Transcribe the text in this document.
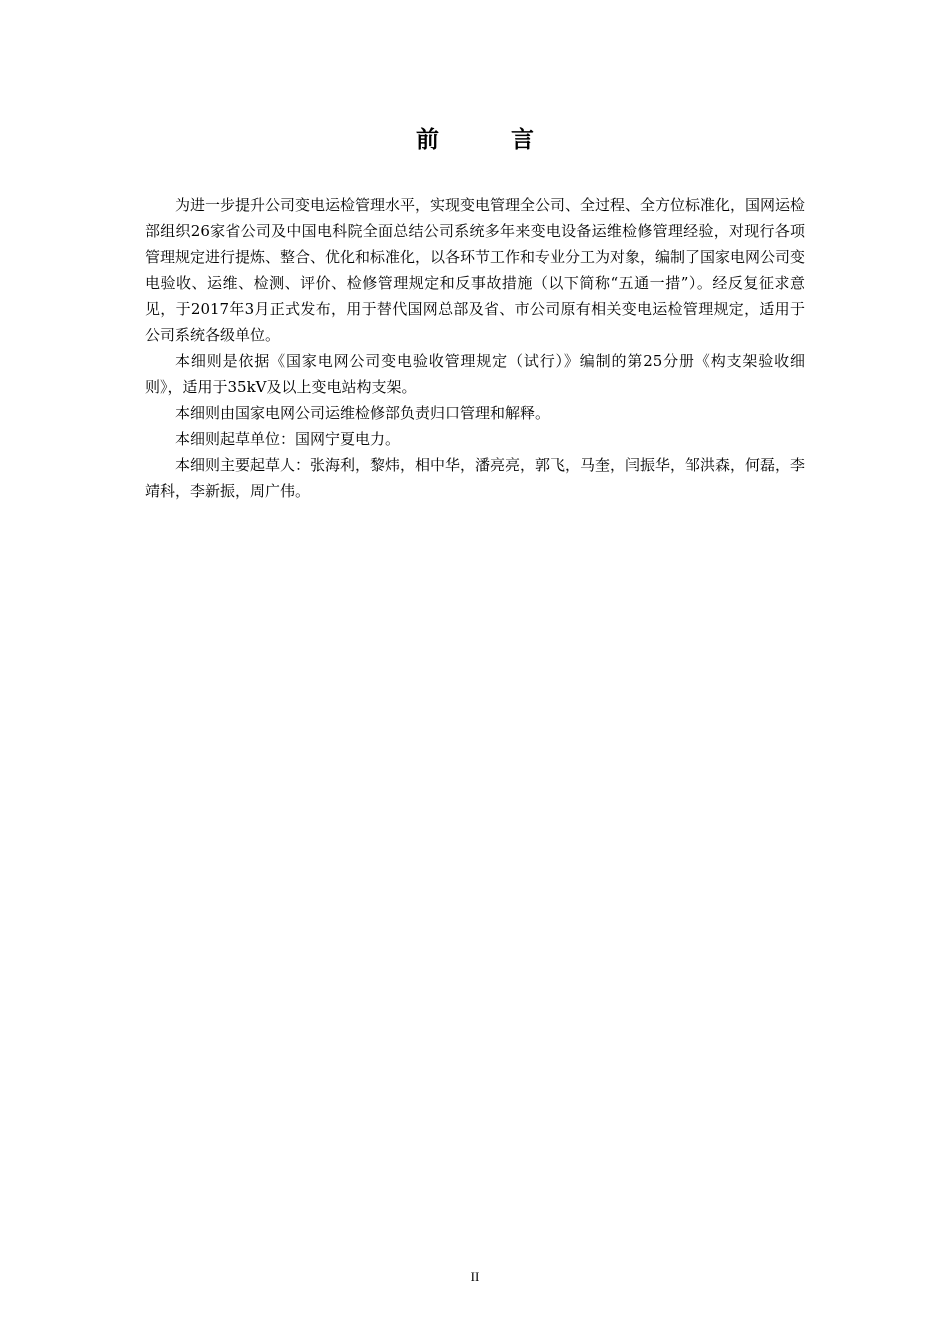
前 言

为进一步提升公司变电运检管理水平，实现变电管理全公司、全过程、全方位标准化，国网运检部组织26家省公司及中国电科院全面总结公司系统多年来变电设备运维检修管理经验，对现行各项管理规定进行提炼、整合、优化和标准化，以各环节工作和专业分工为对象，编制了国家电网公司变电验收、运维、检测、评价、检修管理规定和反事故措施（以下简称“五通一措”）。经反复征求意见，于2017年3月正式发布，用于替代国网总部及省、市公司原有相关变电运检管理规定，适用于公司系统各级单位。

本细则是依据《国家电网公司变电验收管理规定（试行）》编制的第25分册《构支架验收细则》，适用于35kV及以上变电站构支架。

本细则由国家电网公司运维检修部负责归口管理和解释。

本细则起草单位：国网宁夏电力。

本细则主要起草人：张海利，黎炜，相中华，潘亮亮，郭飞，马奎，闫振华，邹洪森，何磊，李靖科，李新振，周广伟。

II
